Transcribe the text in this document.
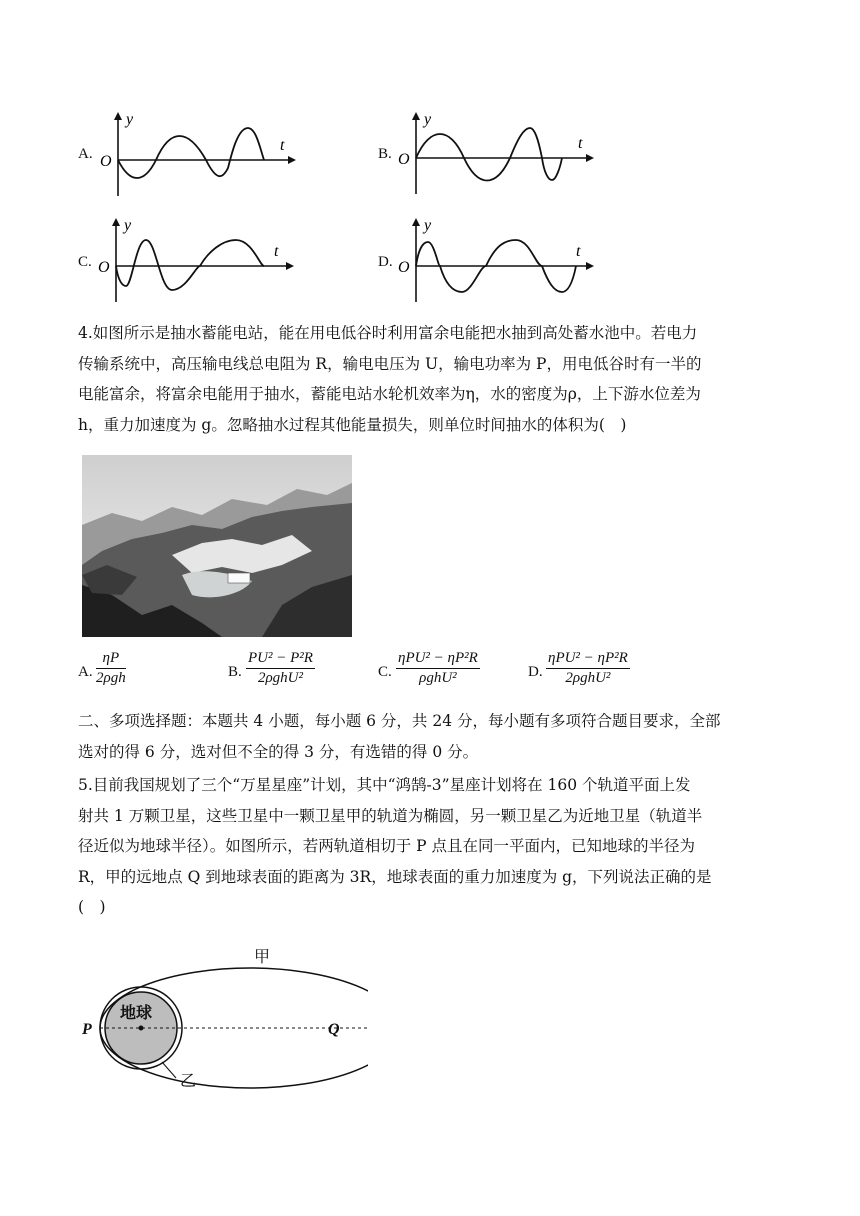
A.
y
t
O	B.
y
t
O
C.
y
t
O	D.
y
t
O
4.如图所示是抽水蓄能电站，能在用电低谷时利用富余电能把水抽到高处蓄水池中。若电力
传输系统中，高压输电线总电阻为 R，输电电压为 U，输电功率为 P，用电低谷时有一半的
电能富余，将富余电能用于抽水，蓄能电站水轮机效率为η，水的密度为ρ，上下游水位差为
h，重力加速度为 g。忽略抽水过程其他能量损失，则单位时间抽水的体积为(　)
A.
ηP
2ρgh	B.
PU² − P²R
2ρghU²	C.
ηPU² − ηP²R
ρghU²	D.
ηPU² − ηP²R
2ρghU²
二、多项选择题：本题共 4 小题，每小题 6 分，共 24 分，每小题有多项符合题目要求，全部
选对的得 6 分，选对但不全的得 3 分，有选错的得 0 分。
5.目前我国规划了三个“万星星座”计划，其中“鸿鹄-3”星座计划将在 160 个轨道平面上发
射共 1 万颗卫星，这些卫星中一颗卫星甲的轨道为椭圆，另一颗卫星乙为近地卫星（轨道半
径近似为地球半径）。如图所示，若两轨道相切于 P 点且在同一平面内，已知地球的半径为
R，甲的远地点 Q 到地球表面的距离为 3R，地球表面的重力加速度为 g，下列说法正确的是
(　)
地球
甲
乙
P	Q
